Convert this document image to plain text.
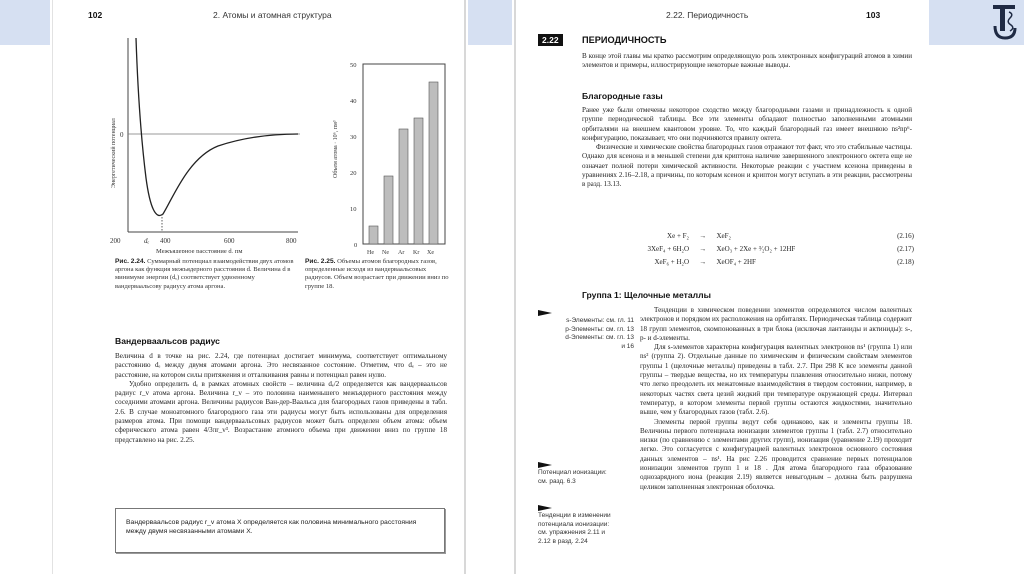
102	2. Атомы и атомная структура
0
200	400	600	800
dₑ
Межъядерное расстояние d, пм
Энергетический потенциал
50
40
30
20
10
0
He Ne Ar Kr Xe
Объем атома · 10⁶, пм³
Рис. 2.24. Суммарный потенциал взаимодействия двух атомов аргона как функция межъядерного расстояния d. Величина d в минимуме энергии (dₑ) соответствует удвоенному вандерваальсову радиусу атома аргона.
Рис. 2.25. Объемы атомов благородных газов, определенные исходя из вандерваальсовых радиусов. Объем возрастает при движении вниз по группе 18.
Вандерваальсов радиус

Величина d в точке на рис. 2.24, где потенциал достигает минимума, соответствует оптимальному расстоянию dₑ между двумя атомами аргона. Это несвязанное состояние. Отметим, что dₑ – это не расстояние, на котором силы притяжения и отталкивания равны и потенциал равен нулю.

Удобно определить dₑ в рамках атомных свойств – величина dₑ/2 определяется как вандерваальсов радиус r_v атома аргона. Величина r_v – это половина наименьшего межъядерного расстояния между соседними атомами аргона. Величины радиусов Ван-дер-Ваальса для благородных газов приведены в табл. 2.6. В случае моноатомного благородного газа эти радиусы могут быть использованы для определения размеров атома. При помощи вандерваальсовых радиусов может быть определен объем атома: объем сферического атома равен 4/3πr_v³. Возрастание атомного объема при движении вниз по группе 18 представлено на рис. 2.25.

Вандерваальсов радиус r_v атома X определяется как половина минимального расстояния между двумя несвязанными атомами X.
2.22. Периодичность	103
2.22	ПЕРИОДИЧНОСТЬ

В конце этой главы мы кратко рассмотрим определяющую роль электронных конфигураций атомов в химии элементов и примеры, иллюстрирующие некоторые важные выводы.

Благородные газы

Ранее уже были отмечены некоторое сходство между благородными газами и принадлежность к одной группе периодической таблицы. Все эти элементы обладают полностью заполненными атомными орбиталями на внешнем квантовом уровне. То, что каждый благородный газ имеет внешнюю ns²np⁶-конфигурацию, показывает, что они подчиняются правилу октета.

Физические и химические свойства благородных газов отражают тот факт, что это стабильные частицы. Однако для ксенона и в меньшей степени для криптона наличие завершенного электронного октета еще не означает полной потери химической активности. Некоторые реакции с участием ксенона приведены в уравнениях 2.16–2.18, а причины, по которым ксенон и криптон могут вступать в эти реакции, рассмотрены в разд. 13.13.

Xe + F₂ → XeF₂	(2.16)
3XeF₄ + 6H₂O → XeO₃ + 2Xe + ³⁄₂O₂ + 12HF	(2.17)
XeF₆ + H₂O → XeOF₄ + 2HF	(2.18)
Группа 1: Щелочные металлы
s-Элементы: см. гл. 11
p-Элементы: см. гл. 13
d-Элементы: см. гл. 13
и 16
Потенциал ионизации:
см. разд. 6.3
Тенденции в изменении
потенциала ионизации:
см. упражнения 2.11 и
2.12 в разд. 2.24

Тенденции в химическом поведении элементов определяются числом валентных электронов и порядком их расположения на орбиталях. Периодическая таблица содержит 18 групп элементов, скомпонованных в три блока (исключая лантаниды и актиниды): s-, p- и d-элементы.

Для s-элементов характерна конфигурация валентных электронов ns¹ (группа 1) или ns² (группа 2). Отдельные данные по химическим и физическим свойствам элементов группы 1 (щелочные металлы) приведены в табл. 2.7. При 298 K все элементы данной группы – твердые вещества, но их температуры плавления относительно низки, потому что легко преодолеть их межатомные взаимодействия в твердом состоянии, например, в некоторых частях света цезий жидкий при температуре окружающей среды. Интервал температур, в котором элементы первой группы остаются жидкостями, значительно выше, чем у благородных газов (табл. 2.6).

Элементы первой группы ведут себя одинаково, как и элементы группы 18. Величины первого потенциала ионизации элементов группы 1 (табл. 2.7) относительно низки (по сравнению с элементами других групп), ионизация (уравнение 2.19) проходит легко. Это согласуется с конфигурацией валентных электронов основного состояния данных элементов – ns¹. На рис 2.26 проводится сравнение первых потенциалов ионизации элементов групп 1 и 18 . Для атома благородного газа образование однозарядного иона (реакция 2.19) является невыгодным – должна быть разрушена целиком заполненная электронная оболочка.
